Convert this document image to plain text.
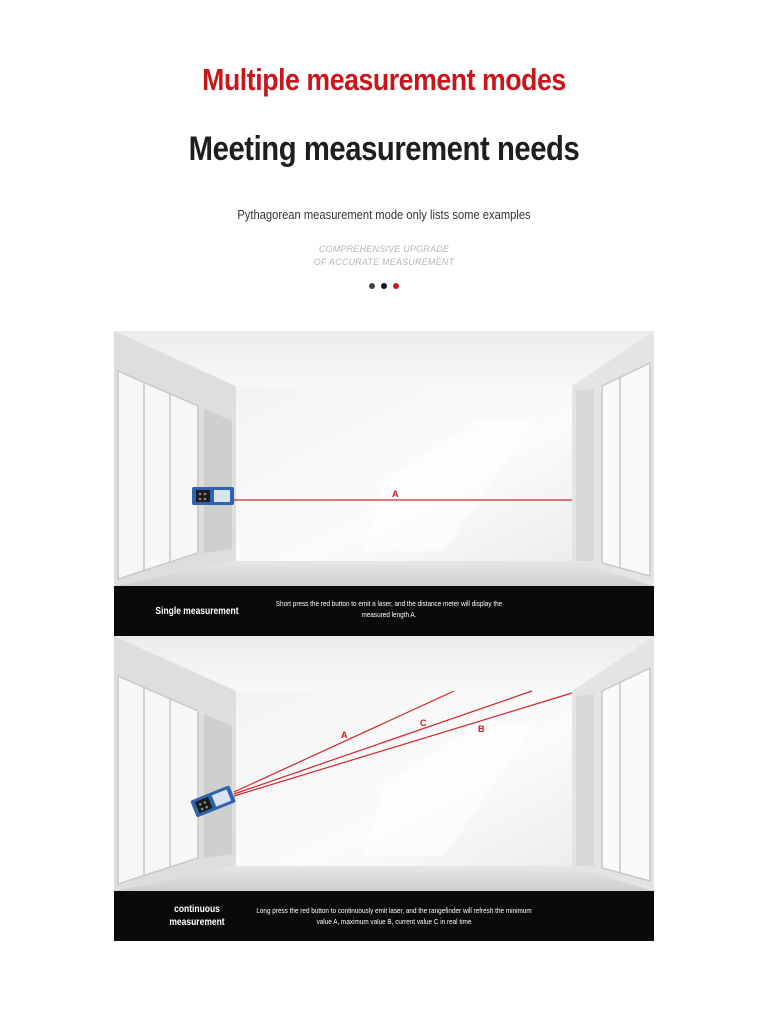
Multiple measurement modes
Meeting measurement needs
Pythagorean measurement mode only lists some examples
COMPREHENSIVE UPGRADE
OF ACCURATE MEASUREMENT
A
Single measurement
Short press the red button to emit a laser, and the distance meter will display the measured length A.
A
C
B
continuous measurement
Long press the red button to continuously emit laser, and the rangefinder will refresh the minimum value A, maximum value B, current value C in real time
